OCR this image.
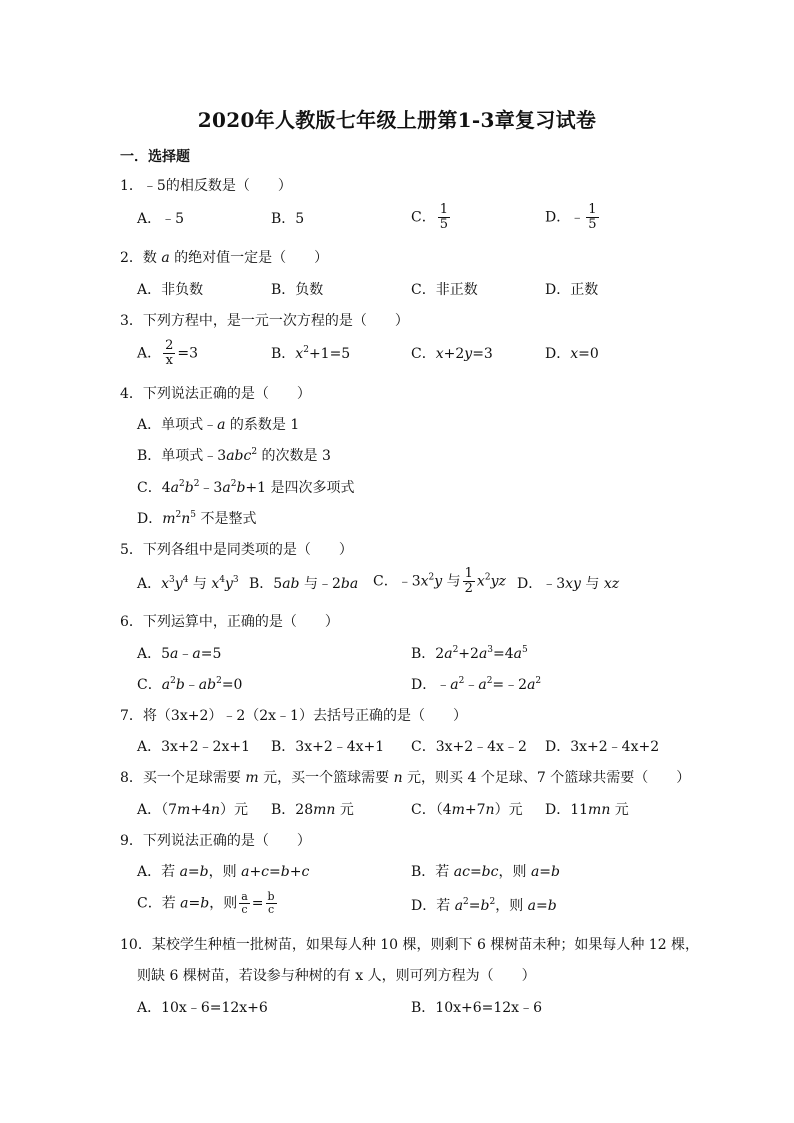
2020年人教版七年级上册第1-3章复习试卷
一．选择题
1．﹣5的相反数是（　　）
A．﹣5	B．5	C． $\frac{1}{5}$	D．﹣ $\frac{1}{5}$
2．数 a 的绝对值一定是（　　）
A．非负数	B．负数	C．非正数	D．正数
3．下列方程中，是一元一次方程的是（　　）
A． $\frac{2}{x} =3$	B．$x^2+1=5$	C．x+2y=3	D．x=0
4．下列说法正确的是（　　）
A．单项式﹣a 的系数是 1
B．单项式﹣3abc$^2$ 的次数是 3
C．$4a^2b^2﹣3a^2b+1$ 是四次多项式
D．$m^2n^5$ 不是整式
5．下列各组中是同类项的是（　　）
A．$x^3y^4$ 与 $x^4y^3$ B．5ab 与﹣2ba C．$﹣3x^2y$ 与 $\frac{1}{2} x^2yz$ D．﹣3xy 与 xz
6．下列运算中，正确的是（　　）
A．5a﹣a=5	B．$2a^2+2a^3=4a^5$
C．$a^2b﹣ab^2=0$	D．$﹣a^2﹣a^2=﹣2a^2$
7．将（3x+2）﹣2（2x﹣1）去括号正确的是（　　）
A．3x+2﹣2x+1 B．3x+2﹣4x+1 C．3x+2﹣4x﹣2 D．3x+2﹣4x+2
8．买一个足球需要 m 元，买一个篮球需要 n 元，则买 4 个足球、7 个篮球共需要（　　）
A．（7m+4n）元 B．28mn 元	C．（4m+7n）元 D．11mn 元
9．下列说法正确的是（　　）
A．若 a=b，则 a+c=b+c	B．若 ac=bc，则 a=b
C．若 a=b，则 $\frac{a}{c} = \frac{b}{c}$	D．若 $a^2=b^2$，则 a=b
10．某校学生种植一批树苗，如果每人种 10 棵，则剩下 6 棵树苗未种；如果每人种 12 棵，
则缺 6 棵树苗，若设参与种树的有 x 人，则可列方程为（　　）
A．10x﹣6=12x+6	B．10x+6=12x﹣6
